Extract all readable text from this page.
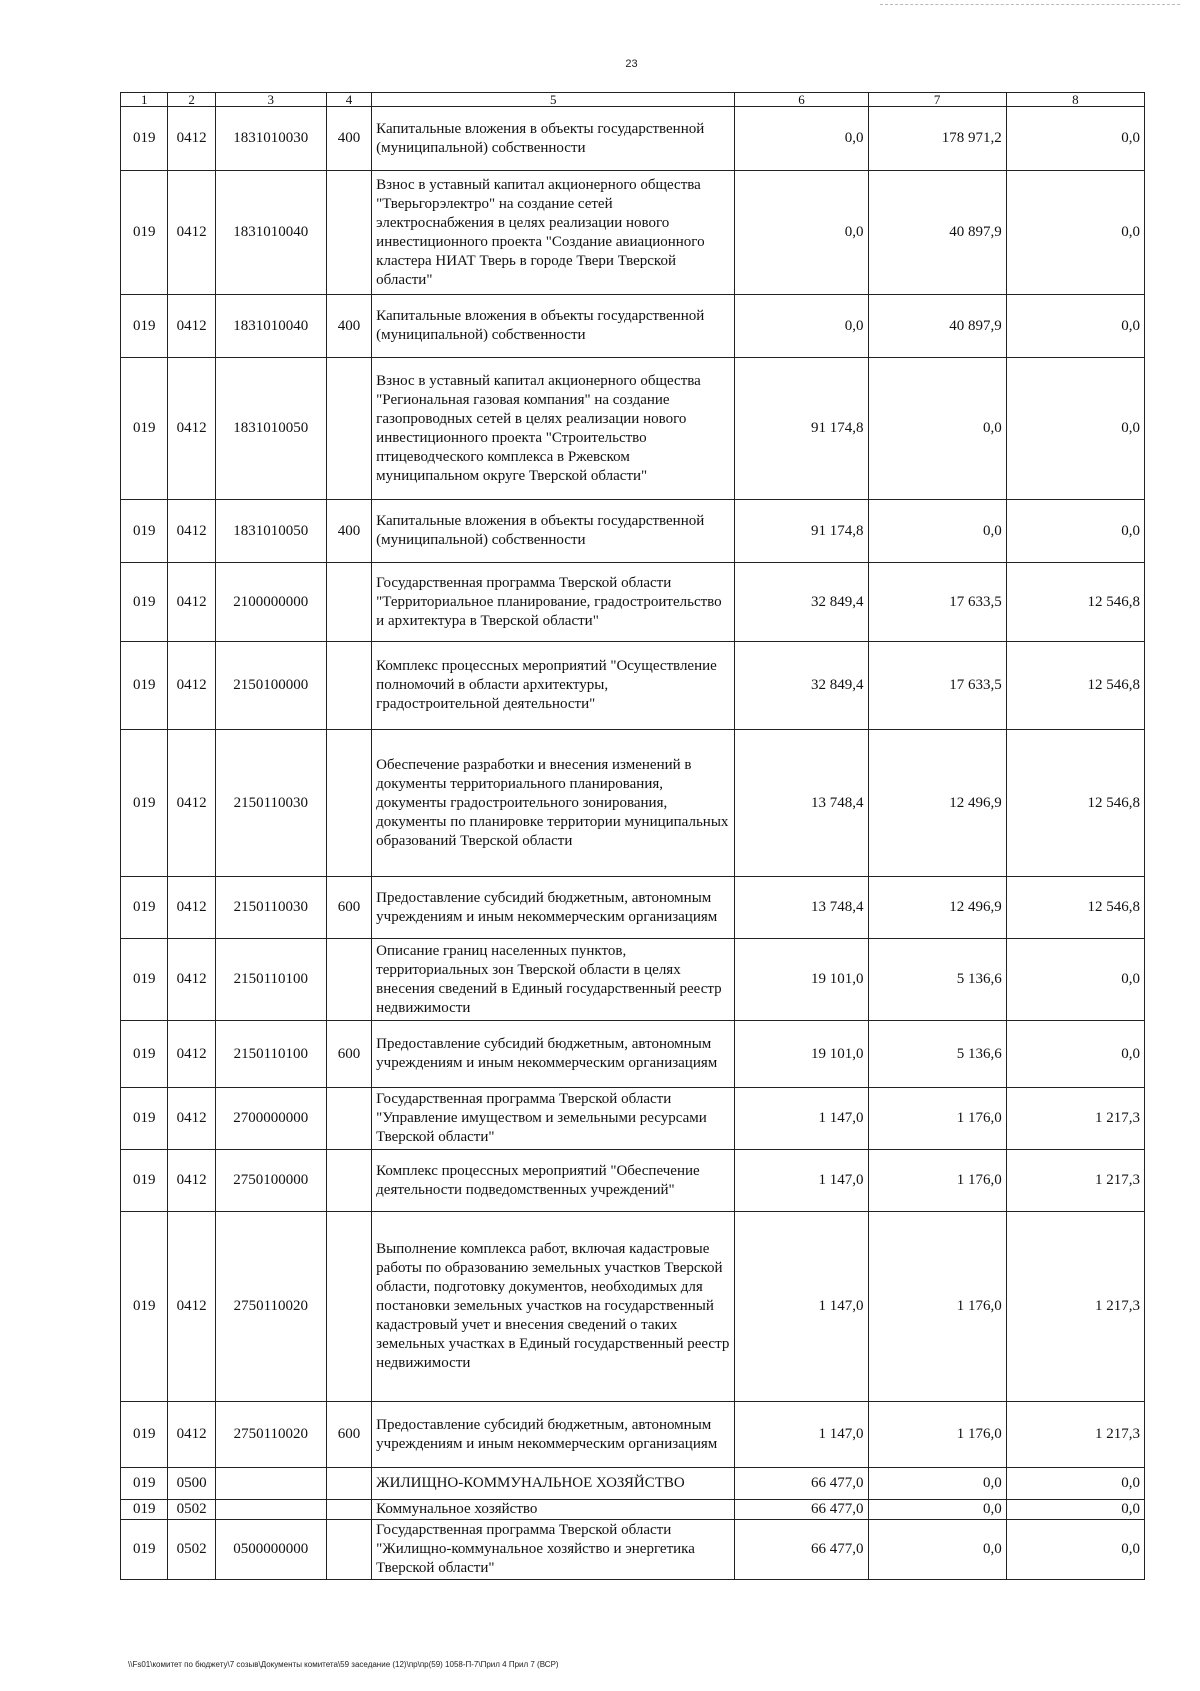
23
1	2	3	4	5	6	7	8
019	0412	1831010030	400	Капитальные вложения в объекты государственной (муниципальной) собственности	0,0	178 971,2	0,0
019	0412	1831010040		Взнос в уставный капитал акционерного общества "Тверьгорэлектро" на создание сетей электроснабжения в целях реализации нового инвестиционного проекта "Создание авиационного кластера НИАТ Тверь в городе Твери Тверской области"	0,0	40 897,9	0,0
019	0412	1831010040	400	Капитальные вложения в объекты государственной (муниципальной) собственности	0,0	40 897,9	0,0
019	0412	1831010050		Взнос в уставный капитал акционерного общества "Региональная газовая компания" на создание газопроводных сетей в целях реализации нового инвестиционного проекта "Строительство птицеводческого комплекса в Ржевском муниципальном округе Тверской области"	91 174,8	0,0	0,0
019	0412	1831010050	400	Капитальные вложения в объекты государственной (муниципальной) собственности	91 174,8	0,0	0,0
019	0412	2100000000		Государственная программа Тверской области "Территориальное планирование, градостроительство и архитектура в Тверской области"	32 849,4	17 633,5	12 546,8
019	0412	2150100000		Комплекс процессных мероприятий "Осуществление полномочий в области архитектуры, градостроительной деятельности"	32 849,4	17 633,5	12 546,8
019	0412	2150110030		Обеспечение разработки и внесения изменений в документы территориального планирования, документы градостроительного зонирования, документы по планировке территории муниципальных образований Тверской области	13 748,4	12 496,9	12 546,8
019	0412	2150110030	600	Предоставление субсидий бюджетным, автономным учреждениям и иным некоммерческим организациям	13 748,4	12 496,9	12 546,8
019	0412	2150110100		Описание границ населенных пунктов, территориальных зон Тверской области в целях внесения сведений в Единый государственный реестр недвижимости	19 101,0	5 136,6	0,0
019	0412	2150110100	600	Предоставление субсидий бюджетным, автономным учреждениям и иным некоммерческим организациям	19 101,0	5 136,6	0,0
019	0412	2700000000		Государственная программа Тверской области "Управление имуществом и земельными ресурсами Тверской области"	1 147,0	1 176,0	1 217,3
019	0412	2750100000		Комплекс процессных мероприятий "Обеспечение деятельности подведомственных учреждений"	1 147,0	1 176,0	1 217,3
019	0412	2750110020		Выполнение комплекса работ, включая кадастровые работы по образованию земельных участков Тверской области, подготовку документов, необходимых для постановки земельных участков на государственный кадастровый учет и внесения сведений о таких земельных участках в Единый государственный реестр недвижимости	1 147,0	1 176,0	1 217,3
019	0412	2750110020	600	Предоставление субсидий бюджетным, автономным учреждениям и иным некоммерческим организациям	1 147,0	1 176,0	1 217,3
019	0500			ЖИЛИЩНО-КОММУНАЛЬНОЕ ХОЗЯЙСТВО	66 477,0	0,0	0,0
019	0502			Коммунальное хозяйство	66 477,0	0,0	0,0
019	0502	0500000000		Государственная программа Тверской области "Жилищно-коммунальное хозяйство и энергетика Тверской области"	66 477,0	0,0	0,0
\\Fs01\комитет по бюджету\7 созыв\Документы комитета\59 заседание (12)\пр\пр(59) 1058-П-7\Прил 4 Прил 7 (ВСР)
